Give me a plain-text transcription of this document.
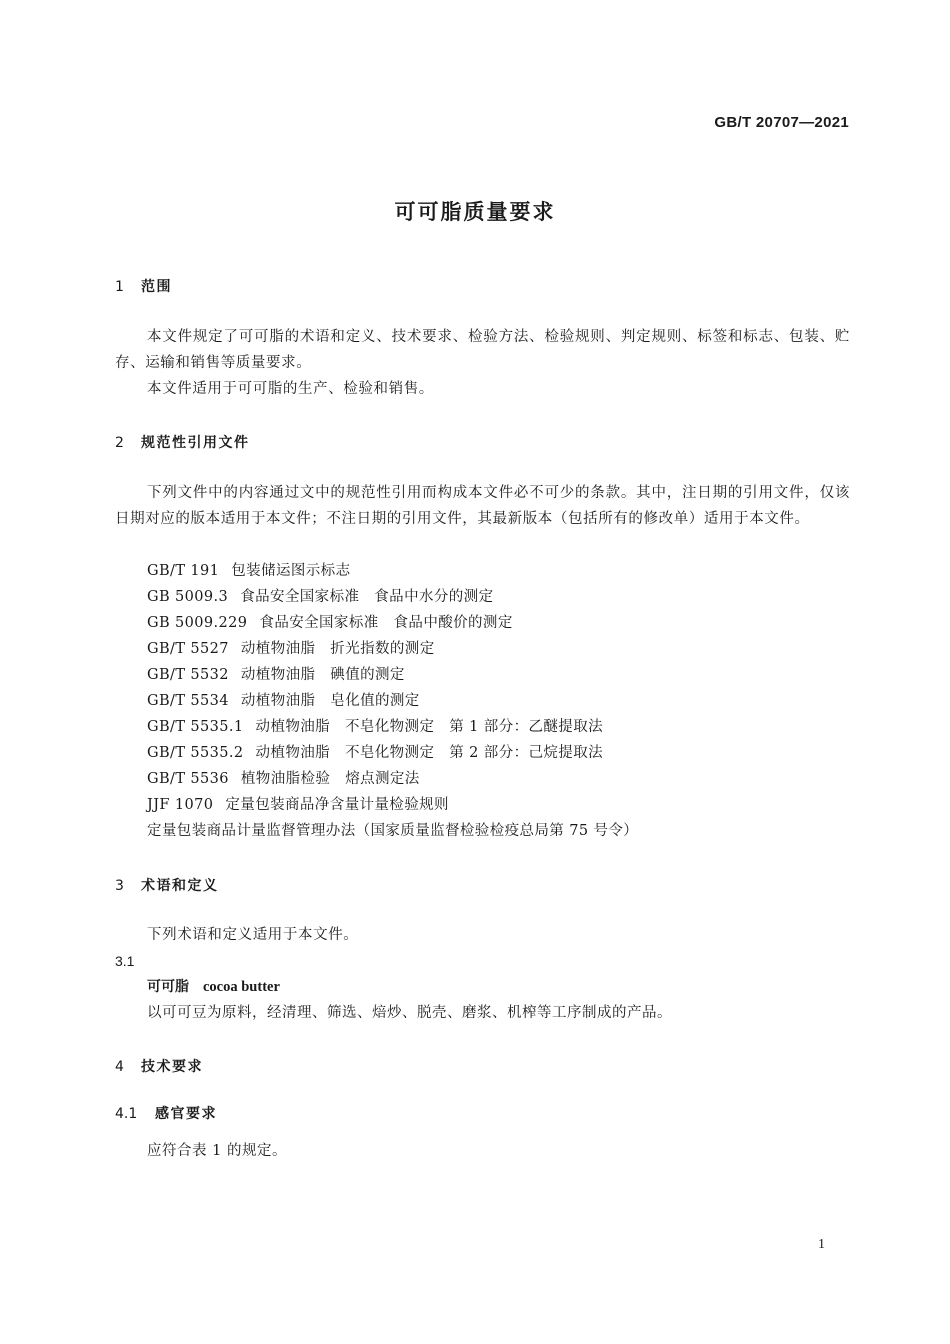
GB/T 20707—2021
可可脂质量要求
1 范围
本文件规定了可可脂的术语和定义、技术要求、检验方法、检验规则、判定规则、标签和标志、包装、贮存、运输和销售等质量要求。
本文件适用于可可脂的生产、检验和销售。
2 规范性引用文件
下列文件中的内容通过文中的规范性引用而构成本文件必不可少的条款。其中，注日期的引用文件，仅该日期对应的版本适用于本文件；不注日期的引用文件，其最新版本（包括所有的修改单）适用于本文件。
GB/T 191 包装储运图示标志
GB 5009.3 食品安全国家标准　食品中水分的测定
GB 5009.229 食品安全国家标准　食品中酸价的测定
GB/T 5527 动植物油脂　折光指数的测定
GB/T 5532 动植物油脂　碘值的测定
GB/T 5534 动植物油脂　皂化值的测定
GB/T 5535.1 动植物油脂　不皂化物测定　第 1 部分：乙醚提取法
GB/T 5535.2 动植物油脂　不皂化物测定　第 2 部分：己烷提取法
GB/T 5536 植物油脂检验　熔点测定法
JJF 1070 定量包装商品净含量计量检验规则
定量包装商品计量监督管理办法（国家质量监督检验检疫总局第 75 号令）
3 术语和定义
下列术语和定义适用于本文件。
3.1
可可脂 cocoa butter
以可可豆为原料，经清理、筛选、焙炒、脱壳、磨浆、机榨等工序制成的产品。
4 技术要求
4.1 感官要求
应符合表 1 的规定。
1
